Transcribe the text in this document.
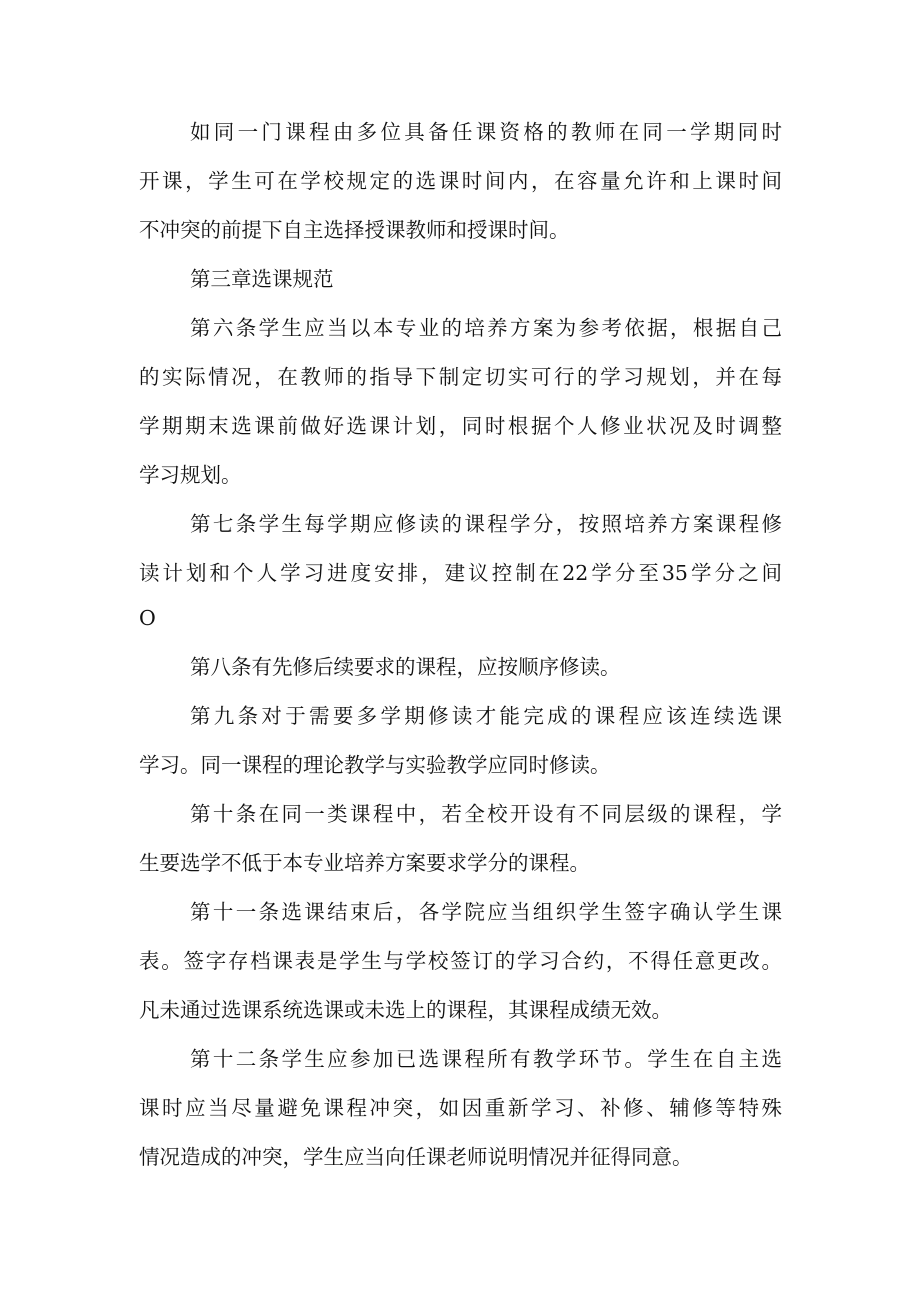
如同一门课程由多位具备任课资格的教师在同一学期同时
开课，学生可在学校规定的选课时间内，在容量允许和上课时间
不冲突的前提下自主选择授课教师和授课时间。
第三章选课规范
第六条学生应当以本专业的培养方案为参考依据，根据自己
的实际情况，在教师的指导下制定切实可行的学习规划，并在每
学期期末选课前做好选课计划，同时根据个人修业状况及时调整
学习规划。
第七条学生每学期应修读的课程学分，按照培养方案课程修
读计划和个人学习进度安排，建议控制在22学分至35学分之间
O
第八条有先修后续要求的课程，应按顺序修读。
第九条对于需要多学期修读才能完成的课程应该连续选课
学习。同一课程的理论教学与实验教学应同时修读。
第十条在同一类课程中，若全校开设有不同层级的课程，学
生要选学不低于本专业培养方案要求学分的课程。
第十一条选课结束后，各学院应当组织学生签字确认学生课
表。签字存档课表是学生与学校签订的学习合约，不得任意更改。
凡未通过选课系统选课或未选上的课程，其课程成绩无效。
第十二条学生应参加已选课程所有教学环节。学生在自主选
课时应当尽量避免课程冲突，如因重新学习、补修、辅修等特殊
情况造成的冲突，学生应当向任课老师说明情况并征得同意。
